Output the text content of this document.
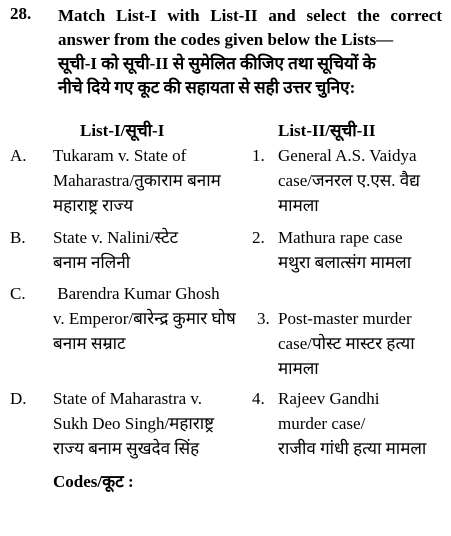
28. Match List-I with List-II and select the correct answer from the codes given below the Lists—
सूची-I को सूची-II से सुमेलित कीजिए तथा सूचियों के
नीचे दिये गए कूट की सहायता से सही उत्तर चुनिए:
List-I/सूची-I	List-II/सूची-II
A. Tukaram v. State of
Maharastra/तुकाराम बनाम
महाराष्ट्र राज्य
1. General A.S. Vaidya
case/जनरल ए.एस. वैद्य
मामला
B. State v. Nalini/स्टेट
बनाम नलिनी
2. Mathura rape case
मथुरा बलात्संग मामला
C. Barendra Kumar Ghosh
v. Emperor/बारेन्द्र कुमार घोष
बनाम सम्राट
3. Post-master murder
case/पोस्ट मास्टर हत्या
मामला
D. State of Maharastra v.
Sukh Deo Singh/महाराष्ट्र
राज्य बनाम सुखदेव सिंह
4. Rajeev Gandhi
murder case/
राजीव गांधी हत्या मामला
Codes/कूट :
